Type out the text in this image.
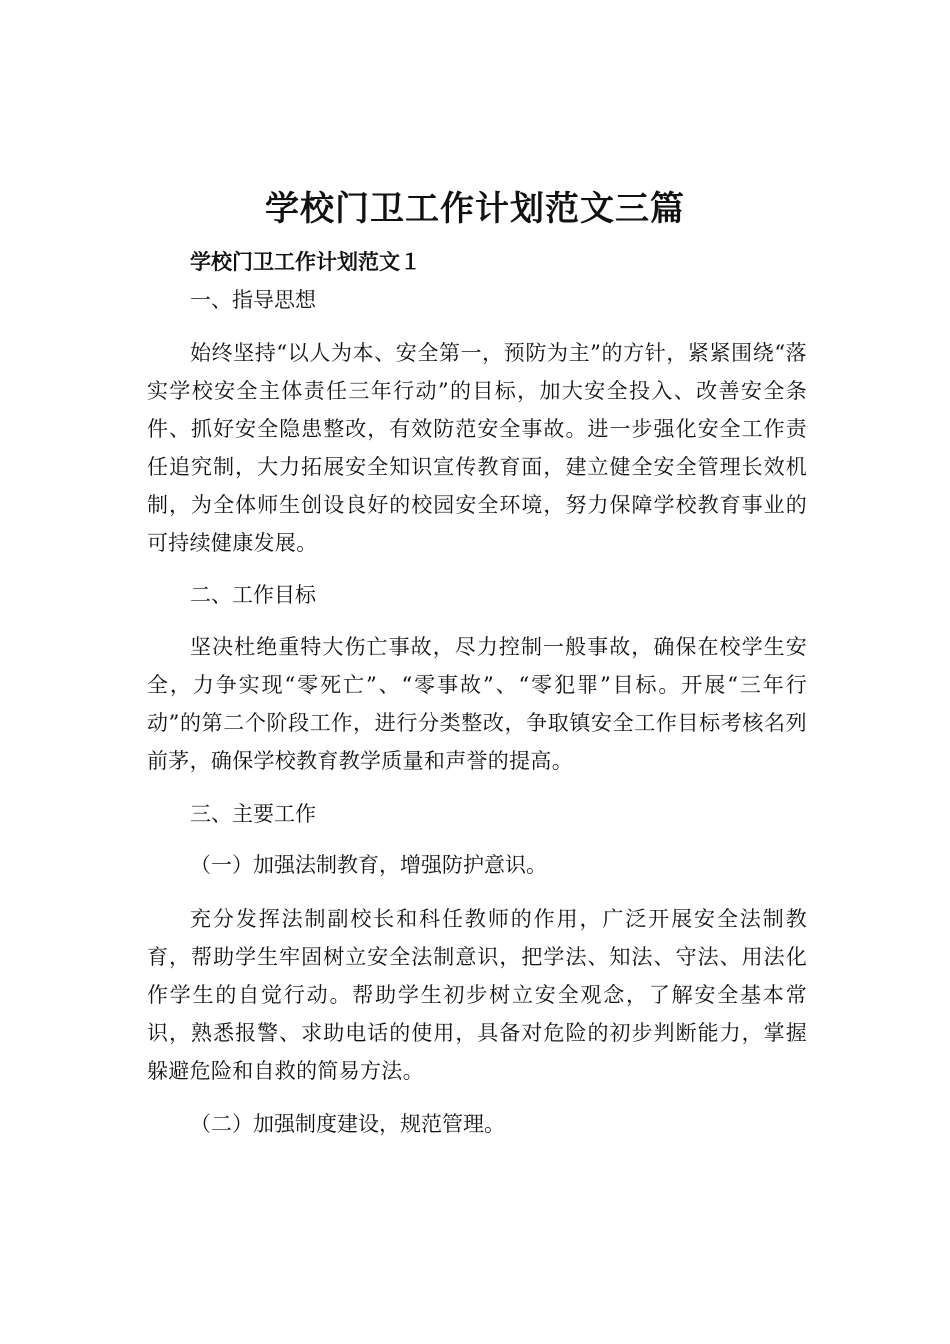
学校门卫工作计划范文三篇
学校门卫工作计划范文１
一、指导思想
始终坚持“以人为本、安全第一，预防为主”的方针，紧紧围绕“落实学校安全主体责任三年行动”的目标，加大安全投入、改善安全条件、抓好安全隐患整改，有效防范安全事故。进一步强化安全工作责任追究制，大力拓展安全知识宣传教育面，建立健全安全管理长效机制，为全体师生创设良好的校园安全环境，努力保障学校教育事业的可持续健康发展。
二、工作目标
坚决杜绝重特大伤亡事故，尽力控制一般事故，确保在校学生安全，力争实现“零死亡”、“零事故”、“零犯罪”目标。开展“三年行动”的第二个阶段工作，进行分类整改，争取镇安全工作目标考核名列前茅，确保学校教育教学质量和声誉的提高。
三、主要工作
（一）加强法制教育，增强防护意识。
充分发挥法制副校长和科任教师的作用，广泛开展安全法制教育，帮助学生牢固树立安全法制意识，把学法、知法、守法、用法化作学生的自觉行动。帮助学生初步树立安全观念，了解安全基本常识，熟悉报警、求助电话的使用，具备对危险的初步判断能力，掌握躲避危险和自救的简易方法。
（二）加强制度建设，规范管理。
